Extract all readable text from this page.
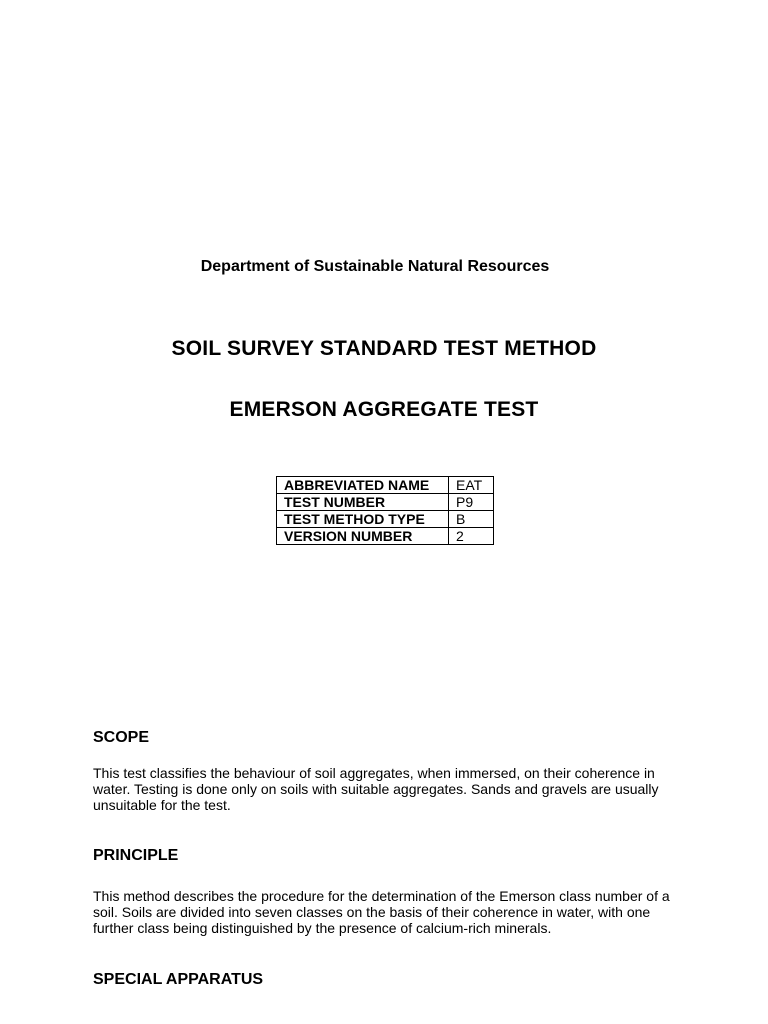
Department of Sustainable Natural Resources
SOIL SURVEY STANDARD TEST METHOD
EMERSON AGGREGATE TEST
ABBREVIATED NAME	EAT
TEST NUMBER	P9
TEST METHOD TYPE	B
VERSION NUMBER	2
SCOPE
This test classifies the behaviour of soil aggregates, when immersed, on their coherence in water. Testing is done only on soils with suitable aggregates. Sands and gravels are usually unsuitable for the test.
PRINCIPLE
This method describes the procedure for the determination of the Emerson class number of a soil. Soils are divided into seven classes on the basis of their coherence in water, with one further class being distinguished by the presence of calcium-rich minerals.
SPECIAL APPARATUS
